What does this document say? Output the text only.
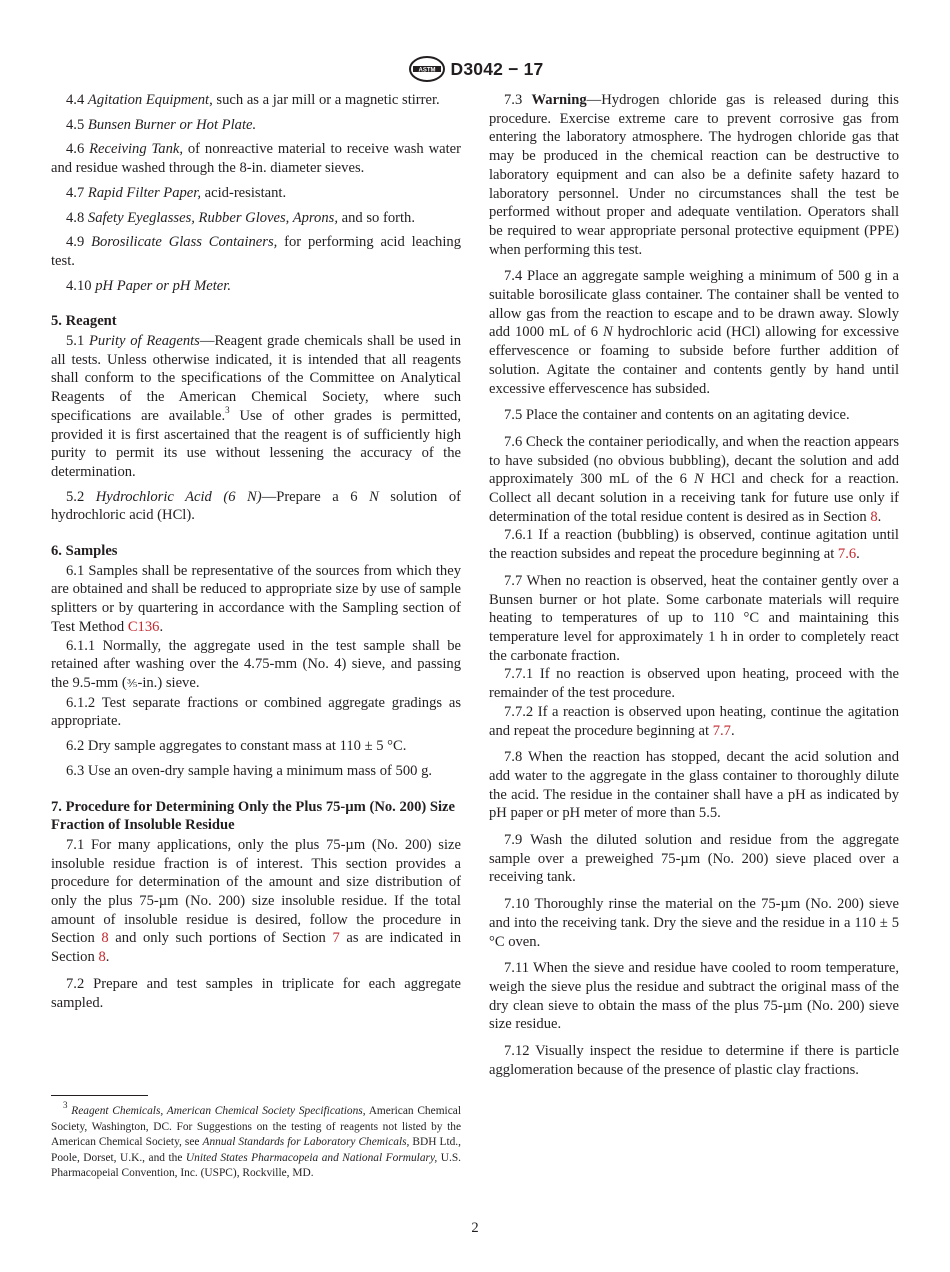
ASTM D3042 − 17

4.4 Agitation Equipment, such as a jar mill or a magnetic stirrer.

4.5 Bunsen Burner or Hot Plate.

4.6 Receiving Tank, of nonreactive material to receive wash water and residue washed through the 8-in. diameter sieves.

4.7 Rapid Filter Paper, acid-resistant.

4.8 Safety Eyeglasses, Rubber Gloves, Aprons, and so forth.

4.9 Borosilicate Glass Containers, for performing acid leaching test.

4.10 pH Paper or pH Meter.

5. Reagent

5.1 Purity of Reagents—Reagent grade chemicals shall be used in all tests. Unless otherwise indicated, it is intended that all reagents shall conform to the specifications of the Committee on Analytical Reagents of the American Chemical Society, where such specifications are available.$^3$ Use of other grades is permitted, provided it is first ascertained that the reagent is of sufficiently high purity to permit its use without lessening the accuracy of the determination.

5.2 Hydrochloric Acid (6 N)—Prepare a 6 N solution of hydrochloric acid (HCl).

6. Samples

6.1 Samples shall be representative of the sources from which they are obtained and shall be reduced to appropriate size by use of sample splitters or by quartering in accordance with the Sampling section of Test Method C136.

6.1.1 Normally, the aggregate used in the test sample shall be retained after washing over the 4.75-mm (No. 4) sieve, and passing the 9.5-mm (⅗-in.) sieve.

6.1.2 Test separate fractions or combined aggregate gradings as appropriate.

6.2 Dry sample aggregates to constant mass at 110 ± 5 °C.

6.3 Use an oven-dry sample having a minimum mass of 500 g.

7. Procedure for Determining Only the Plus 75-µm (No. 200) Size Fraction of Insoluble Residue

7.1 For many applications, only the plus 75-µm (No. 200) size insoluble residue fraction is of interest. This section provides a procedure for determination of the amount and size distribution of only the plus 75-µm (No. 200) size insoluble residue. If the total amount of insoluble residue is desired, follow the procedure in Section 8 and only such portions of Section 7 as are indicated in Section 8.

7.2 Prepare and test samples in triplicate for each aggregate sampled.

$^3$ Reagent Chemicals, American Chemical Society Specifications, American Chemical Society, Washington, DC. For Suggestions on the testing of reagents not listed by the American Chemical Society, see Annual Standards for Laboratory Chemicals, BDH Ltd., Poole, Dorset, U.K., and the United States Pharmacopeia and National Formulary, U.S. Pharmacopeial Convention, Inc. (USPC), Rockville, MD.

7.3 Warning—Hydrogen chloride gas is released during this procedure. Exercise extreme care to prevent corrosive gas from entering the laboratory atmosphere. The hydrogen chloride gas that may be produced in the chemical reaction can be destructive to laboratory equipment and can also be a definite safety hazard to laboratory personnel. Under no circumstances shall the test be performed without proper and adequate ventilation. Operators shall be required to wear appropriate personal protective equipment (PPE) when performing this test.

7.4 Place an aggregate sample weighing a minimum of 500 g in a suitable borosilicate glass container. The container shall be vented to allow gas from the reaction to escape and to be drawn away. Slowly add 1000 mL of 6 N hydrochloric acid (HCl) allowing for excessive effervescence or foaming to subside before further addition of solution. Agitate the container and contents gently by hand until excessive effervescence has subsided.

7.5 Place the container and contents on an agitating device.

7.6 Check the container periodically, and when the reaction appears to have subsided (no obvious bubbling), decant the solution and add approximately 300 mL of the 6 N HCl and check for a reaction. Collect all decant solution in a receiving tank for future use only if determination of the total residue content is desired as in Section 8.

7.6.1 If a reaction (bubbling) is observed, continue agitation until the reaction subsides and repeat the procedure beginning at 7.6.

7.7 When no reaction is observed, heat the container gently over a Bunsen burner or hot plate. Some carbonate materials will require heating to temperatures of up to 110 °C and maintaining this temperature level for approximately 1 h in order to completely react the carbonate fraction.

7.7.1 If no reaction is observed upon heating, proceed with the remainder of the test procedure.

7.7.2 If a reaction is observed upon heating, continue the agitation and repeat the procedure beginning at 7.7.

7.8 When the reaction has stopped, decant the acid solution and add water to the aggregate in the glass container to thoroughly dilute the acid. The residue in the container shall have a pH as indicated by pH paper or pH meter of more than 5.5.

7.9 Wash the diluted solution and residue from the aggregate sample over a preweighed 75-µm (No. 200) sieve placed over a receiving tank.

7.10 Thoroughly rinse the material on the 75-µm (No. 200) sieve and into the receiving tank. Dry the sieve and the residue in a 110 ± 5 °C oven.

7.11 When the sieve and residue have cooled to room temperature, weigh the sieve plus the residue and subtract the original mass of the dry clean sieve to obtain the mass of the plus 75-µm (No. 200) sieve size residue.

7.12 Visually inspect the residue to determine if there is particle agglomeration because of the presence of plastic clay fractions.

2
